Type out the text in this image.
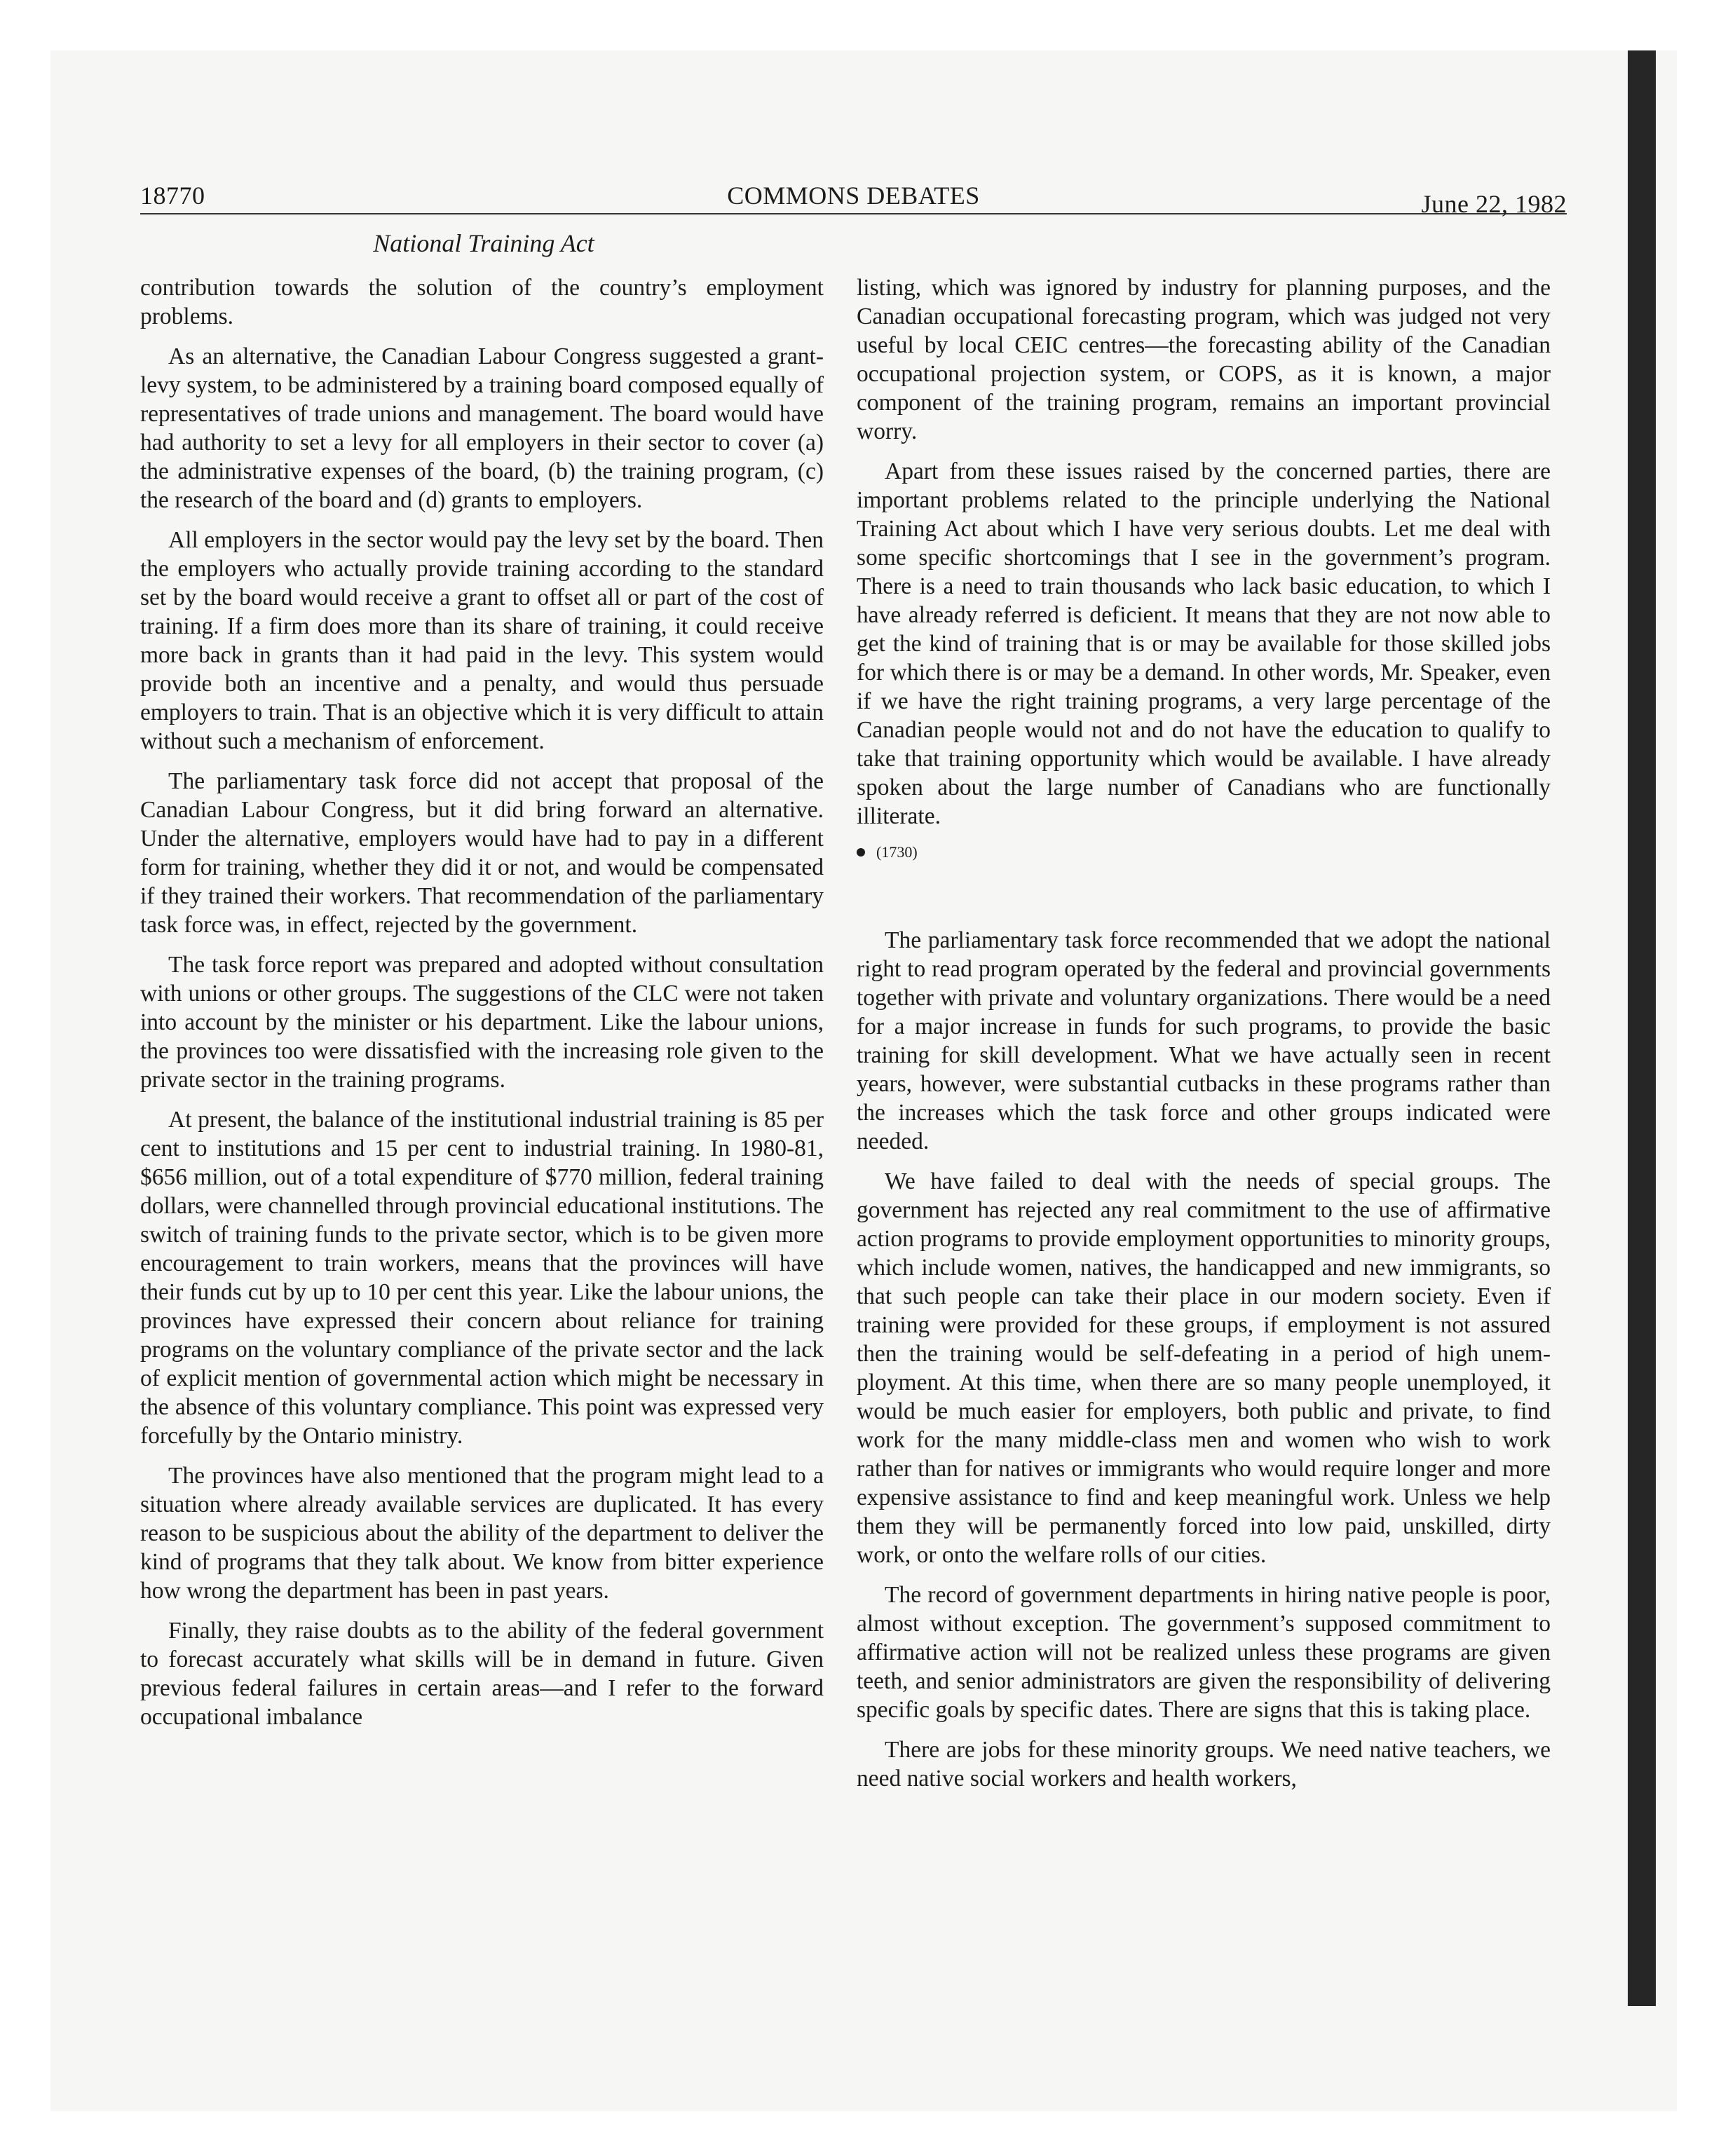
18770	COMMONS DEBATES	June 22, 1982
National Training Act

contribution towards the solution of the country’s employment problems.

As an alternative, the Canadian Labour Congress suggested a grant-levy system, to be administered by a training board composed equally of representatives of trade unions and management. The board would have had authority to set a levy for all employers in their sector to cover (a) the administrative expenses of the board, (b) the training program, (c) the research of the board and (d) grants to employers.

All employers in the sector would pay the levy set by the board. Then the employers who actually provide training according to the standard set by the board would receive a grant to offset all or part of the cost of training. If a firm does more than its share of training, it could receive more back in grants than it had paid in the levy. This system would provide both an incentive and a penalty, and would thus persuade employers to train. That is an objective which it is very difficult to attain without such a mechanism of enforcement.

The parliamentary task force did not accept that proposal of the Canadian Labour Congress, but it did bring forward an alternative. Under the alternative, employers would have had to pay in a different form for training, whether they did it or not, and would be compensated if they trained their workers. That recommendation of the parliamentary task force was, in effect, rejected by the government.

The task force report was prepared and adopted without consultation with unions or other groups. The suggestions of the CLC were not taken into account by the minister or his department. Like the labour unions, the provinces too were dissatisfied with the increasing role given to the private sector in the training programs.

At present, the balance of the institutional industrial training is 85 per cent to institutions and 15 per cent to industrial training. In 1980-81, $656 million, out of a total expenditure of $770 million, federal training dollars, were channelled through provincial educational institutions. The switch of training funds to the private sector, which is to be given more encouragement to train workers, means that the provinces will have their funds cut by up to 10 per cent this year. Like the labour unions, the provinces have expressed their concern about reliance for training programs on the voluntary compliance of the private sector and the lack of explicit mention of governmental action which might be necessary in the absence of this voluntary compliance. This point was expressed very forcefully by the Ontario ministry.

The provinces have also mentioned that the program might lead to a situation where already available services are duplicated. It has every reason to be suspicious about the ability of the department to deliver the kind of programs that they talk about. We know from bitter experience how wrong the department has been in past years.

Finally, they raise doubts as to the ability of the federal government to forecast accurately what skills will be in demand in future. Given previous federal failures in certain areas—and I refer to the forward occupational imbalance

listing, which was ignored by industry for planning purposes, and the Canadian occupational forecasting program, which was judged not very useful by local CEIC centres—the forecasting ability of the Canadian occupational projection system, or COPS, as it is known, a major component of the training program, remains an important provincial worry.

Apart from these issues raised by the concerned parties, there are important problems related to the principle underlying the National Training Act about which I have very serious doubts. Let me deal with some specific shortcomings that I see in the government’s program. There is a need to train thousands who lack basic education, to which I have already referred is deficient. It means that they are not now able to get the kind of training that is or may be available for those skilled jobs for which there is or may be a demand. In other words, Mr. Speaker, even if we have the right training programs, a very large percentage of the Canadian people would not and do not have the education to qualify to take that training opportunity which would be available. I have already spoken about the large number of Canadians who are functionally illiterate.

(1730)

The parliamentary task force recommended that we adopt the national right to read program operated by the federal and provincial governments together with private and voluntary organizations. There would be a need for a major increase in funds for such programs, to provide the basic training for skill development. What we have actually seen in recent years, however, were substantial cutbacks in these programs rather than the increases which the task force and other groups indicated were needed.

We have failed to deal with the needs of special groups. The government has rejected any real commitment to the use of affirmative action programs to provide employment opportunities to minority groups, which include women, natives, the handicapped and new immigrants, so that such people can take their place in our modern society. Even if training were provided for these groups, if employment is not assured then the training would be self-defeating in a period of high unemployment. At this time, when there are so many people unemployed, it would be much easier for employers, both public and private, to find work for the many middle-class men and women who wish to work rather than for natives or immigrants who would require longer and more expensive assistance to find and keep meaningful work. Unless we help them they will be permanently forced into low paid, unskilled, dirty work, or onto the welfare rolls of our cities.

The record of government departments in hiring native people is poor, almost without exception. The government’s supposed commitment to affirmative action will not be realized unless these programs are given teeth, and senior administrators are given the responsibility of delivering specific goals by specific dates. There are signs that this is taking place.

There are jobs for these minority groups. We need native teachers, we need native social workers and health workers,
